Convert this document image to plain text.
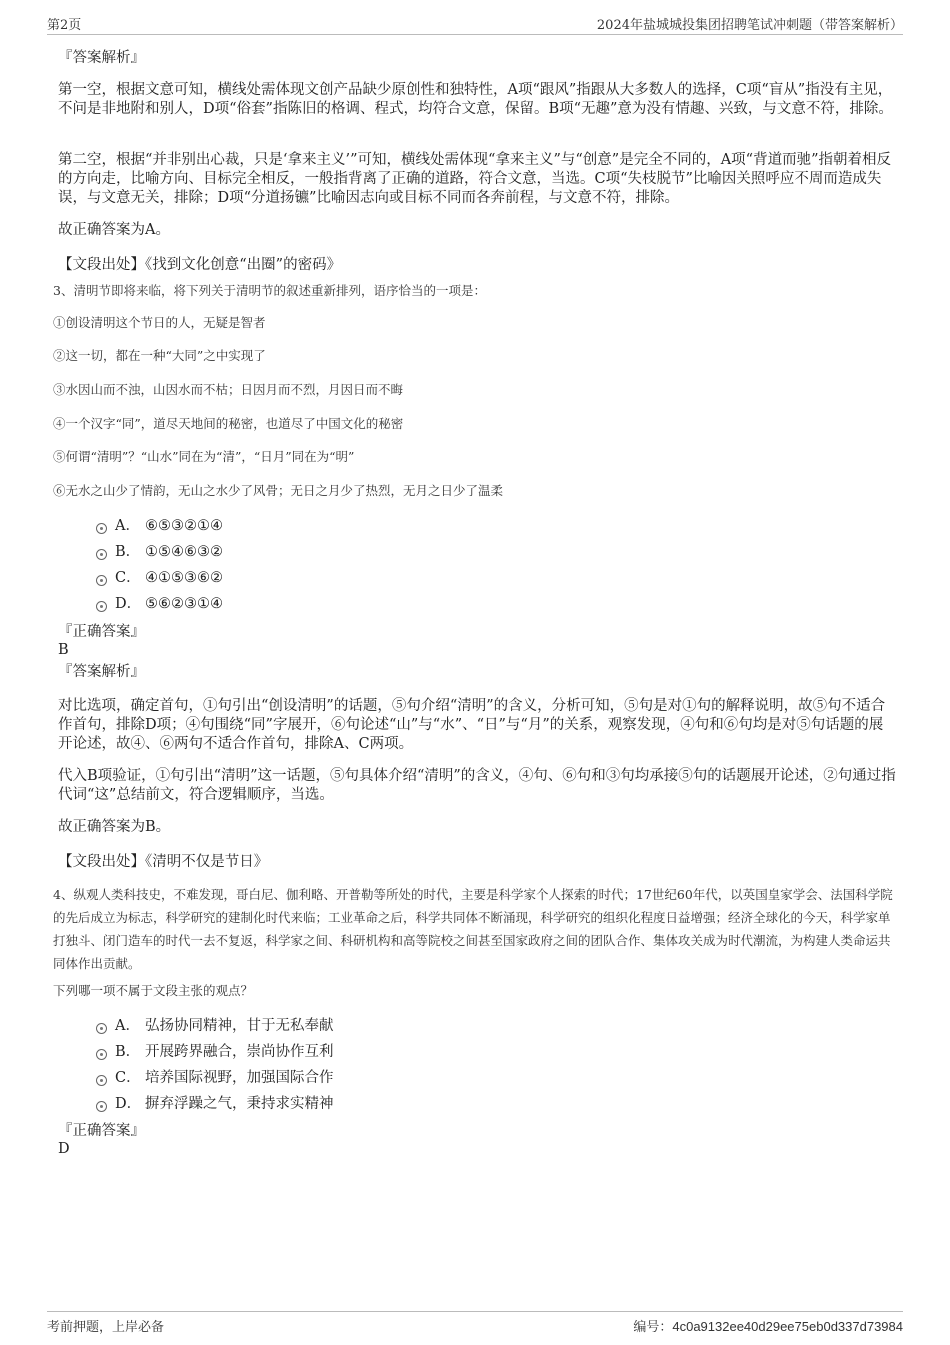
第2页	2024年盐城城投集团招聘笔试冲刺题（带答案解析）
『答案解析』
第一空，根据文意可知，横线处需体现文创产品缺少原创性和独特性，A项“跟风”指跟从大多数人的选择，C项“盲从”指没有主见，不问是非地附和别人，D项“俗套”指陈旧的格调、程式，均符合文意，保留。B项“无趣”意为没有情趣、兴致，与文意不符，排除。
第二空，根据“并非别出心裁，只是‘拿来主义’”可知，横线处需体现“拿来主义”与“创意”是完全不同的，A项“背道而驰”指朝着相反的方向走，比喻方向、目标完全相反，一般指背离了正确的道路，符合文意，当选。C项“失枝脱节”比喻因关照呼应不周而造成失误，与文意无关，排除；D项“分道扬镳”比喻因志向或目标不同而各奔前程，与文意不符，排除。
故正确答案为A。
【文段出处】《找到文化创意“出圈”的密码》
3、清明节即将来临，将下列关于清明节的叙述重新排列，语序恰当的一项是：
①创设清明这个节日的人，无疑是智者
②这一切，都在一种“大同”之中实现了
③水因山而不浊，山因水而不枯；日因月而不烈，月因日而不晦
④一个汉字“同”，道尽天地间的秘密，也道尽了中国文化的秘密
⑤何谓“清明”？“山水”同在为“清”，“日月”同在为“明”
⑥无水之山少了情韵，无山之水少了风骨；无日之月少了热烈，无月之日少了温柔
A． ⑥⑤③②①④
B． ①⑤④⑥③②
C． ④①⑤③⑥②
D． ⑤⑥②③①④
『正确答案』
B
『答案解析』
对比选项，确定首句，①句引出“创设清明”的话题，⑤句介绍“清明”的含义，分析可知，⑤句是对①句的解释说明，故⑤句不适合作首句，排除D项；④句围绕“同”字展开，⑥句论述“山”与“水”、“日”与“月”的关系，观察发现，④句和⑥句均是对⑤句话题的展开论述，故④、⑥两句不适合作首句，排除A、C两项。
代入B项验证，①句引出“清明”这一话题，⑤句具体介绍“清明”的含义，④句、⑥句和③句均承接⑤句的话题展开论述，②句通过指代词“这”总结前文，符合逻辑顺序，当选。
故正确答案为B。
【文段出处】《清明不仅是节日》
4、纵观人类科技史，不难发现，哥白尼、伽利略、开普勒等所处的时代，主要是科学家个人探索的时代；17世纪60年代，以英国皇家学会、法国科学院的先后成立为标志，科学研究的建制化时代来临；工业革命之后，科学共同体不断涌现，科学研究的组织化程度日益增强；经济全球化的今天，科学家单打独斗、闭门造车的时代一去不复返，科学家之间、科研机构和高等院校之间甚至国家政府之间的团队合作、集体攻关成为时代潮流，为构建人类命运共同体作出贡献。
下列哪一项不属于文段主张的观点？
A． 弘扬协同精神，甘于无私奉献
B． 开展跨界融合，崇尚协作互利
C． 培养国际视野，加强国际合作
D． 摒弃浮躁之气，秉持求实精神
『正确答案』
D
考前押题，上岸必备	编号：4c0a9132ee40d29ee75eb0d337d73984
